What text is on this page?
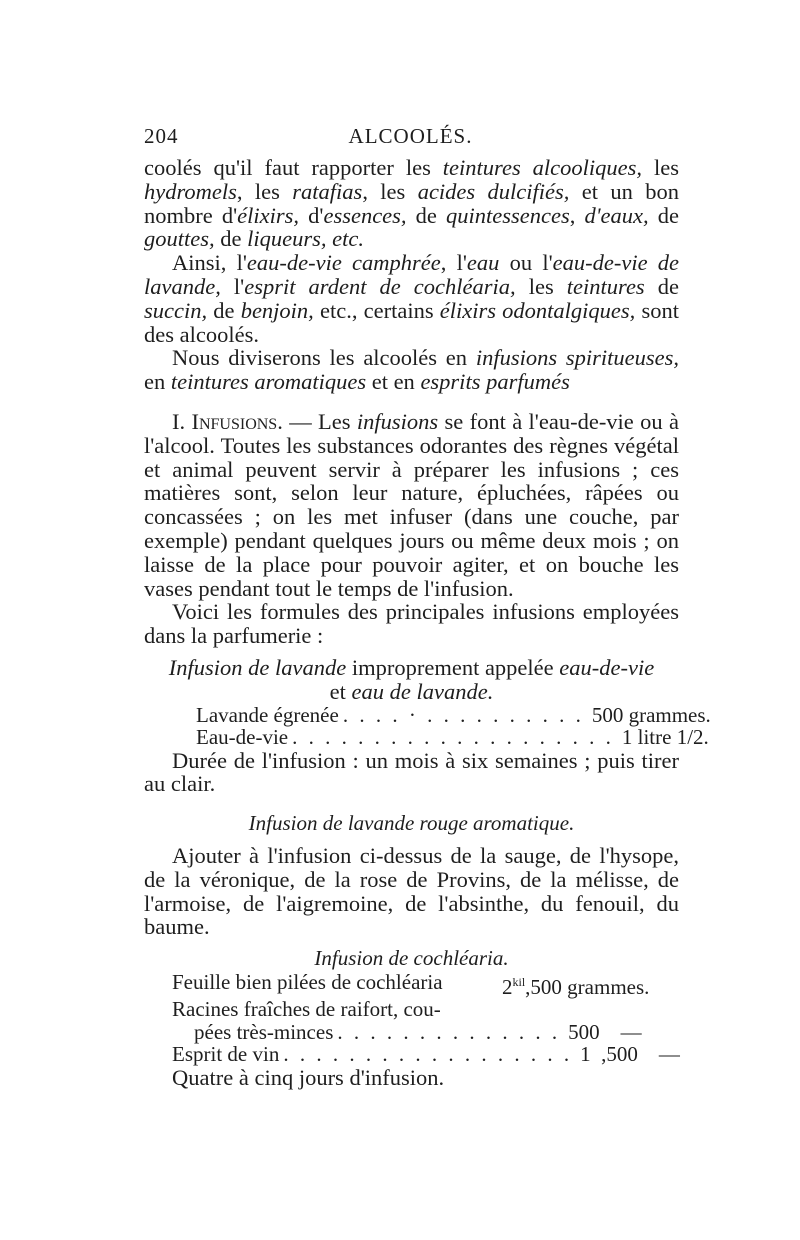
204	ALCOOLÉS.

coolés qu'il faut rapporter les teintures alcooliques, les hydromels, les ratafias, les acides dulcifiés, et un bon nombre d'élixirs, d'essences, de quintessences, d'eaux, de gouttes, de liqueurs, etc.

Ainsi, l'eau-de-vie camphrée, l'eau ou l'eau-de-vie de lavande, l'esprit ardent de cochléaria, les teintures de succin, de benjoin, etc., certains élixirs odontalgiques, sont des alcoolés.

Nous diviserons les alcoolés en infusions spiritueuses, en teintures aromatiques et en esprits parfumés

I. Infusions. — Les infusions se font à l'eau-de-vie ou à l'alcool. Toutes les substances odorantes des règnes végétal et animal peuvent servir à préparer les infusions ; ces matières sont, selon leur nature, épluchées, râpées ou concassées ; on les met infuser (dans une couche, par exemple) pendant quelques jours ou même deux mois ; on laisse de la place pour pouvoir agiter, et on bouche les vases pendant tout le temps de l'infusion.

Voici les formules des principales infusions employées dans la parfumerie :

Infusion de lavande improprement appelée eau-de-vie
et eau de lavande.
Lavande égrenée . . . . · . . . . . . . . . . 500 grammes.
Eau-de-vie . . . . . . . . . . . . . . . . . . . . 1 litre 1/2.

Durée de l'infusion : un mois à six semaines ; puis tirer au clair.

Infusion de lavande rouge aromatique.

Ajouter à l'infusion ci-dessus de la sauge, de l'hysope, de la véronique, de la rose de Provins, de la mélisse, de l'armoise, de l'aigremoine, de l'absinthe, du fenouil, du baume.

Infusion de cochléaria.

Feuille bien pilées de cochléaria	$2^{kil},500$ grammes.
Racines fraîches de raifort, cou-
pées très-minces . . . . . . . . . . . . . . 500    —
Esprit de vin . . . . . . . . . . . . . . . . . . 1  ,500    —

Quatre à cinq jours d'infusion.
